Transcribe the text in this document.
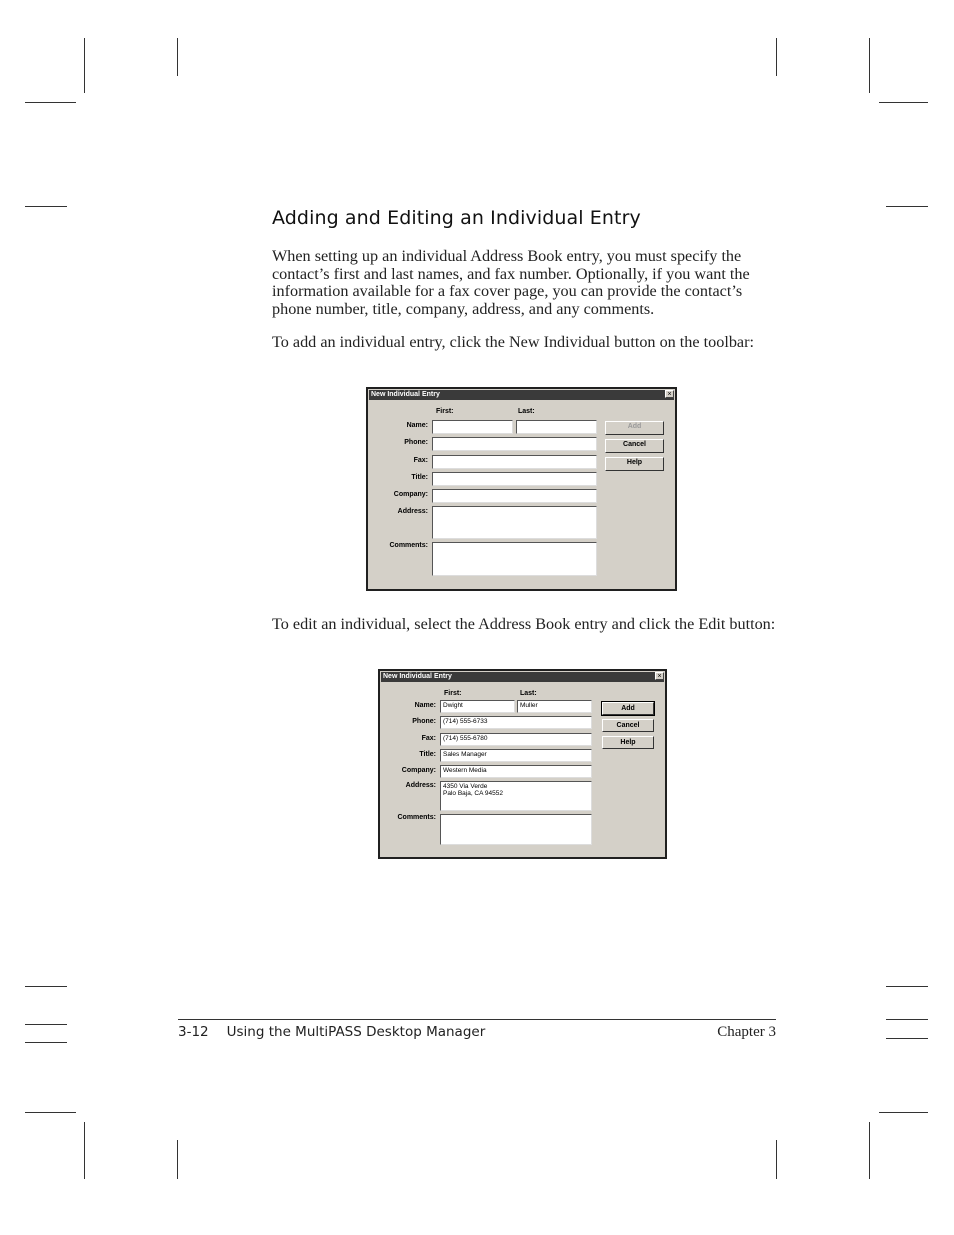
Adding and Editing an Individual Entry

When setting up an individual Address Book entry, you must specify the contact’s first and last names, and fax number. Optionally, if you want the information available for a fax cover page, you can provide the contact’s phone number, title, company, address, and any comments.

To add an individual entry, click the New Individual button on the toolbar:

New Individual Entry	×
First:	Last:
Name:
Phone:
Fax:
Title:
Company:
Address:
Comments:
Add
Cancel
Help

To edit an individual, select the Address Book entry and click the Edit button:

New Individual Entry	×
First:	Last:
Name:	Dwight	Muller
Phone:	(714) 555-6733
Fax:	(714) 555-6780
Title:	Sales Manager
Company:	Western Media
Address:	4350 Via Verde
Palo Baja, CA 94552
Comments:
Add
Cancel
Help
3-12 Using the MultiPASS Desktop Manager	Chapter 3
